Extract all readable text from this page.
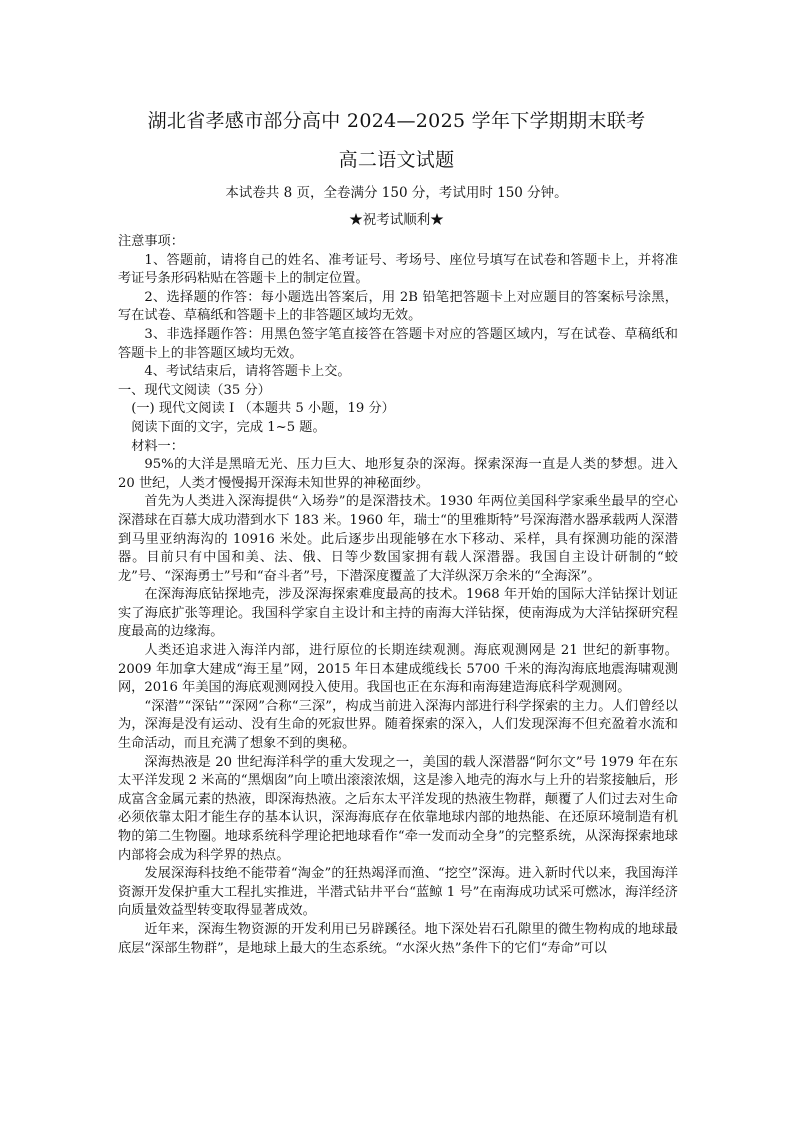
湖北省孝感市部分高中 2024—2025 学年下学期期末联考
高二语文试题
本试卷共 8 页，全卷满分 150 分，考试用时 150 分钟。
★祝考试顺利★

注意事项：

1、答题前，请将自己的姓名、准考证号、考场号、座位号填写在试卷和答题卡上，并将准考证号条形码粘贴在答题卡上的制定位置。

2、选择题的作答：每小题选出答案后，用 2B 铅笔把答题卡上对应题目的答案标号涂黑，写在试卷、草稿纸和答题卡上的非答题区域均无效。

3、非选择题作答：用黑色签字笔直接答在答题卡对应的答题区域内，写在试卷、草稿纸和答题卡上的非答题区域均无效。

4、考试结束后，请将答题卡上交。

一、现代文阅读（35 分）

(一) 现代文阅读 I （本题共 5 小题，19 分）

阅读下面的文字，完成 1~5 题。

材料一：

95%的大洋是黑暗无光、压力巨大、地形复杂的深海。探索深海一直是人类的梦想。进入 20 世纪，人类才慢慢揭开深海未知世界的神秘面纱。

首先为人类进入深海提供“入场券”的是深潜技术。1930 年两位美国科学家乘坐最早的空心深潜球在百慕大成功潜到水下 183 米。1960 年，瑞士“的里雅斯特”号深海潜水器承载两人深潜到马里亚纳海沟的 10916 米处。此后逐步出现能够在水下移动、采样，具有探测功能的深潜器。目前只有中国和美、法、俄、日等少数国家拥有载人深潜器。我国自主设计研制的“蛟龙”号、“深海勇士”号和“奋斗者”号，下潜深度覆盖了大洋纵深万余米的“全海深”。

在深海海底钻探地壳，涉及深海探索难度最高的技术。1968 年开始的国际大洋钻探计划证实了海底扩张等理论。我国科学家自主设计和主持的南海大洋钻探，使南海成为大洋钻探研究程度最高的边缘海。

人类还追求进入海洋内部，进行原位的长期连续观测。海底观测网是 21 世纪的新事物。2009 年加拿大建成“海王星”网，2015 年日本建成缆线长 5700 千米的海沟海底地震海啸观测网，2016 年美国的海底观测网投入使用。我国也正在东海和南海建造海底科学观测网。

“深潜”“深钻”“深网”合称“三深”，构成当前进入深海内部进行科学探索的主力。人们曾经以为，深海是没有运动、没有生命的死寂世界。随着探索的深入，人们发现深海不但充盈着水流和生命活动，而且充满了想象不到的奥秘。

深海热液是 20 世纪海洋科学的重大发现之一，美国的载人深潜器“阿尔文”号 1979 年在东太平洋发现 2 米高的“黑烟囱”向上喷出滚滚浓烟，这是渗入地壳的海水与上升的岩浆接触后，形成富含金属元素的热液，即深海热液。之后东太平洋发现的热液生物群，颠覆了人们过去对生命必须依靠太阳才能生存的基本认识，深海海底存在依靠地球内部的地热能、在还原环境制造有机物的第二生物圈。地球系统科学理论把地球看作“牵一发而动全身”的完整系统，从深海探索地球内部将会成为科学界的热点。

发展深海科技绝不能带着“淘金”的狂热竭泽而渔、“挖空”深海。进入新时代以来，我国海洋资源开发保护重大工程扎实推进，半潜式钻井平台“蓝鲸 1 号”在南海成功试采可燃冰，海洋经济向质量效益型转变取得显著成效。

近年来，深海生物资源的开发利用已另辟蹊径。地下深处岩石孔隙里的微生物构成的地球最底层“深部生物群”，是地球上最大的生态系统。“水深火热”条件下的它们“寿命”可以
